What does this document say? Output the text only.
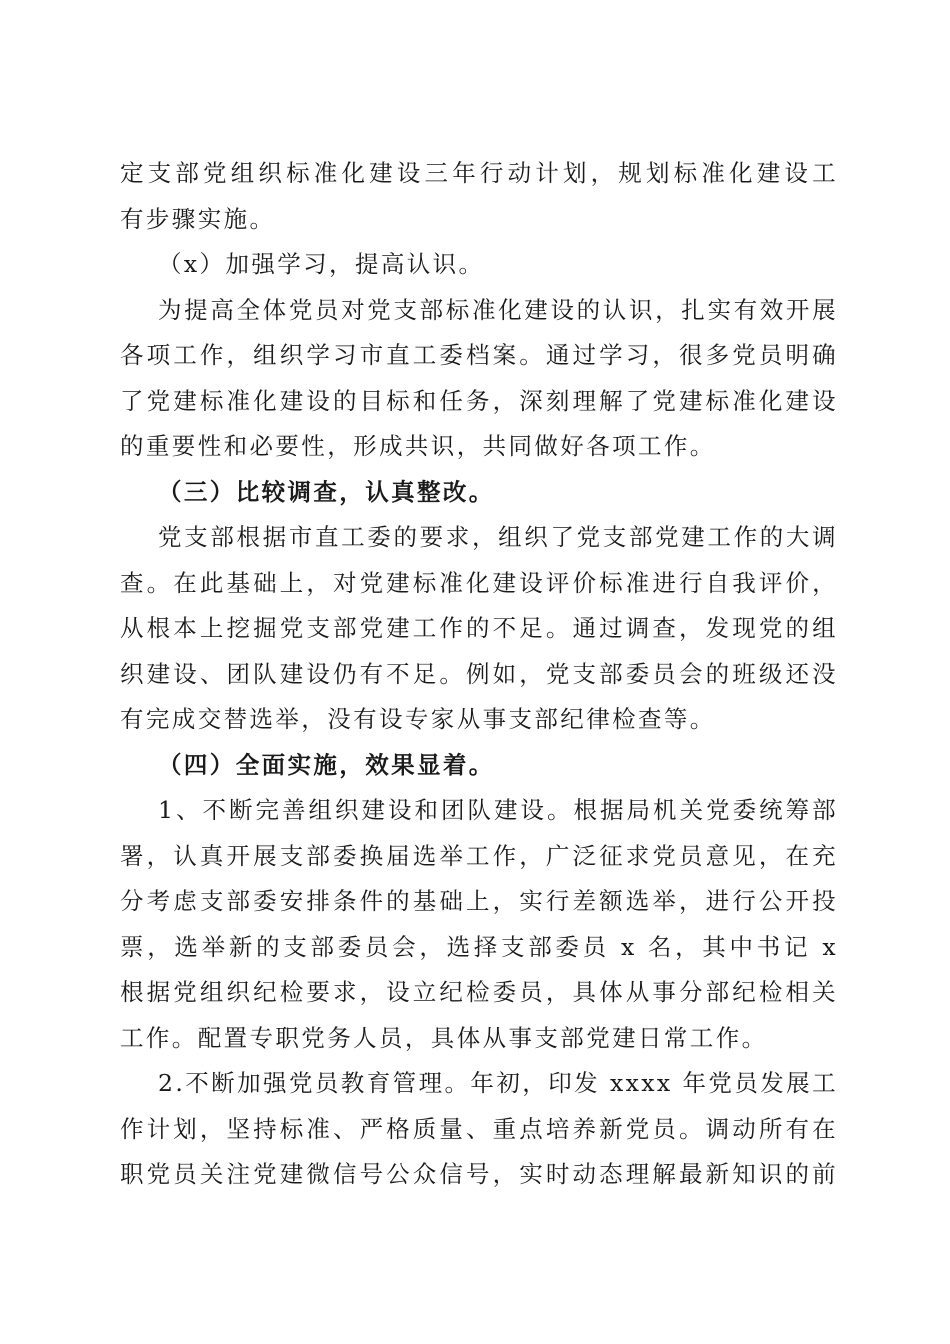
定支部党组织标准化建设三年行动计划，规划标准化建设工
有步骤实施。
（x）加强学习，提高认识。
为提高全体党员对党支部标准化建设的认识，扎实有效开展
各项工作，组织学习市直工委档案。通过学习，很多党员明确
了党建标准化建设的目标和任务，深刻理解了党建标准化建设
的重要性和必要性，形成共识，共同做好各项工作。
（三）比较调查，认真整改。
党支部根据市直工委的要求，组织了党支部党建工作的大调
查。在此基础上，对党建标准化建设评价标准进行自我评价，
从根本上挖掘党支部党建工作的不足。通过调查，发现党的组
织建设、团队建设仍有不足。例如，党支部委员会的班级还没
有完成交替选举，没有设专家从事支部纪律检查等。
（四）全面实施，效果显着。
1、不断完善组织建设和团队建设。根据局机关党委统筹部
署，认真开展支部委换届选举工作，广泛征求党员意见，在充
分考虑支部委安排条件的基础上，实行差额选举，进行公开投
票，选举新的支部委员会，选择支部委员 x 名，其中书记 x
根据党组织纪检要求，设立纪检委员，具体从事分部纪检相关
工作。配置专职党务人员，具体从事支部党建日常工作。
2.不断加强党员教育管理。年初，印发 xxxx 年党员发展工
作计划，坚持标准、严格质量、重点培养新党员。调动所有在
职党员关注党建微信号公众信号，实时动态理解最新知识的前
